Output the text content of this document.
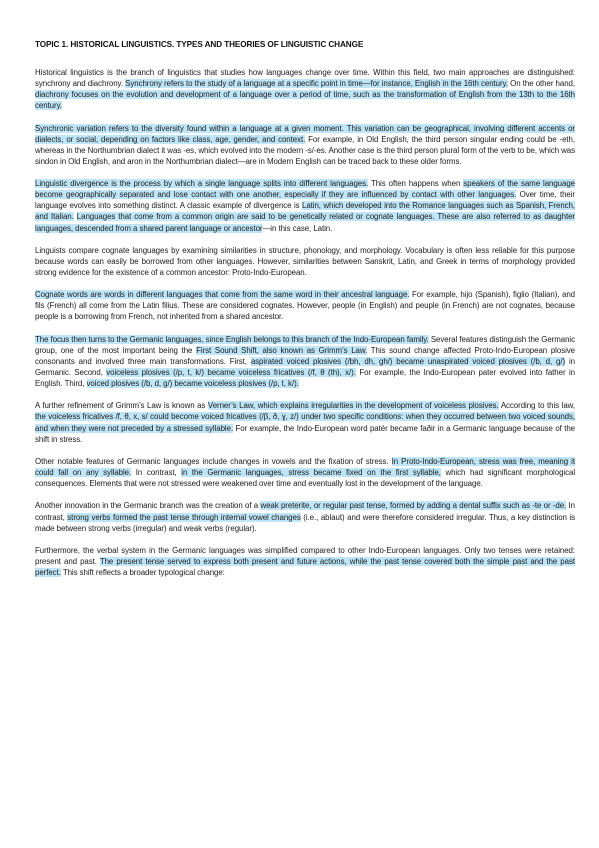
TOPIC 1. HISTORICAL LINGUISTICS. TYPES AND THEORIES OF LINGUISTIC CHANGE

Historical linguistics is the branch of linguistics that studies how languages change over time. Within this field, two main approaches are distinguished: synchrony and diachrony. Synchrony refers to the study of a language at a specific point in time—for instance, English in the 16th century. On the other hand, diachrony focuses on the evolution and development of a language over a period of time, such as the transformation of English from the 13th to the 16th century.

Synchronic variation refers to the diversity found within a language at a given moment. This variation can be geographical, involving different accents or dialects, or social, depending on factors like class, age, gender, and context. For example, in Old English, the third person singular ending could be -eth, whereas in the Northumbrian dialect it was -es, which evolved into the modern -s/-es. Another case is the third person plural form of the verb to be, which was sindon in Old English, and aron in the Northumbrian dialect—are in Modern English can be traced back to these older forms.

Linguistic divergence is the process by which a single language splits into different languages. This often happens when speakers of the same language become geographically separated and lose contact with one another, especially if they are influenced by contact with other languages. Over time, their language evolves into something distinct. A classic example of divergence is Latin, which developed into the Romance languages such as Spanish, French, and Italian. Languages that come from a common origin are said to be genetically related or cognate languages. These are also referred to as daughter languages, descended from a shared parent language or ancestor—in this case, Latin.

Linguists compare cognate languages by examining similarities in structure, phonology, and morphology. Vocabulary is often less reliable for this purpose because words can easily be borrowed from other languages. However, similarities between Sanskrit, Latin, and Greek in terms of morphology provided strong evidence for the existence of a common ancestor: Proto-Indo-European.

Cognate words are words in different languages that come from the same word in their ancestral language. For example, hijo (Spanish), figlio (Italian), and fils (French) all come from the Latin filius. These are considered cognates. However, people (in English) and peuple (in French) are not cognates, because people is a borrowing from French, not inherited from a shared ancestor.

The focus then turns to the Germanic languages, since English belongs to this branch of the Indo-European family. Several features distinguish the Germanic group, one of the most important being the First Sound Shift, also known as Grimm’s Law. This sound change affected Proto-Indo-European plosive consonants and involved three main transformations. First, aspirated voiced plosives (/bh, dh, gh/) became unaspirated voiced plosives (/b, d, g/) in Germanic. Second, voiceless plosives (/p, t, k/) became voiceless fricatives (/f, θ (th), x/). For example, the Indo-European pater evolved into father in English. Third, voiced plosives (/b, d, g/) became voiceless plosives (/p, t, k/).

A further refinement of Grimm’s Law is known as Verner’s Law, which explains irregularities in the development of voiceless plosives. According to this law, the voiceless fricatives /f, θ, x, s/ could become voiced fricatives (/β, ð, ɣ, z/) under two specific conditions: when they occurred between two voiced sounds, and when they were not preceded by a stressed syllable. For example, the Indo-European word patér became faðir in a Germanic language because of the shift in stress.

Other notable features of Germanic languages include changes in vowels and the fixation of stress. In Proto-Indo-European, stress was free, meaning it could fall on any syllable. In contrast, in the Germanic languages, stress became fixed on the first syllable, which had significant morphological consequences. Elements that were not stressed were weakened over time and eventually lost in the development of the language.

Another innovation in the Germanic branch was the creation of a weak preterite, or regular past tense, formed by adding a dental suffix such as -te or -de. In contrast, strong verbs formed the past tense through internal vowel changes (i.e., ablaut) and were therefore considered irregular. Thus, a key distinction is made between strong verbs (irregular) and weak verbs (regular).

Furthermore, the verbal system in the Germanic languages was simplified compared to other Indo-European languages. Only two tenses were retained: present and past. The present tense served to express both present and future actions, while the past tense covered both the simple past and the past perfect. This shift reflects a broader typological change:
